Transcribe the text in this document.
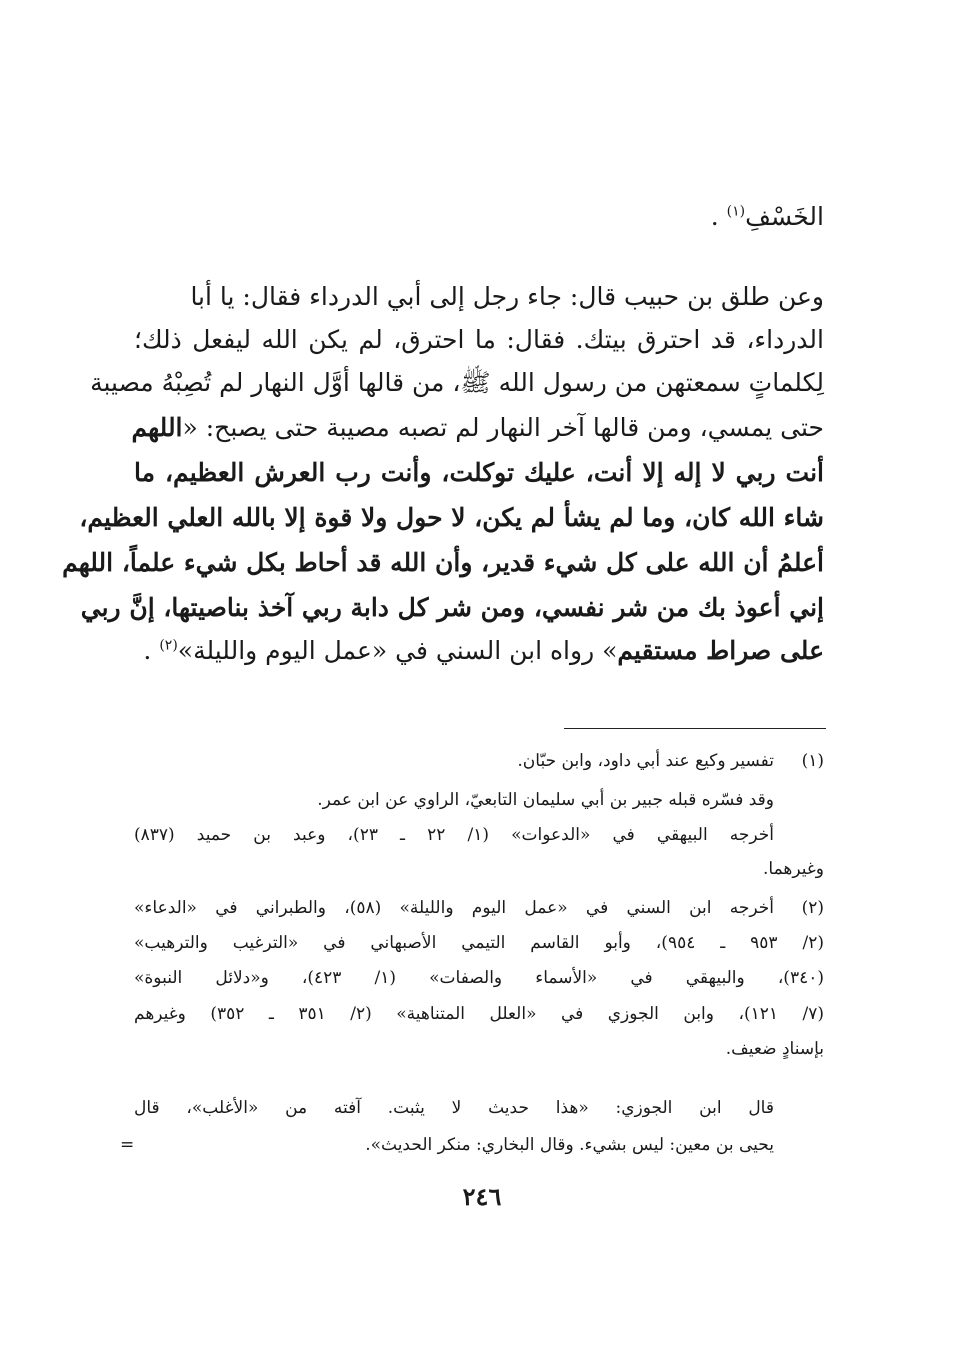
الخَسْفِ$^{(١)}$ .
وعن طلق بن حبيب قال: جاء رجل إلى أبي الدرداء فقال: يا أبا
الدرداء، قد احترق بيتك. فقال: ما احترق، لم يكن الله ليفعل ذلك؛
لِكلماتٍ سمعتهن من رسول الله ﷺ، من قالها أوَّل النهار لم تُصِبْهُ مصيبة
حتى يمسي، ومن قالها آخر النهار لم تصبه مصيبة حتى يصبح: «اللهم
أنت ربي لا إله إلا أنت، عليك توكلت، وأنت رب العرش العظيم، ما
شاء الله كان، وما لم يشأ لم يكن، لا حول ولا قوة إلا بالله العلي العظيم،
أعلمُ أن الله على كل شيء قدير، وأن الله قد أحاط بكل شيء علماً، اللهم
إني أعوذ بك من شر نفسي، ومن شر كل دابة ربي آخذ بناصيتها، إنَّ ربي
على صراط مستقيم» رواه ابن السني في «عمل اليوم والليلة»$^{(٢)}$ .
(١)
تفسير وكيع عند أبي داود، وابن حبّان.
وقد فسّره قبله جبير بن أبي سليمان التابعيّ، الراوي عن ابن عمر.
أخرجه البيهقي في «الدعوات» (١/ ٢٢ ـ ٢٣)، وعبد بن حميد (٨٣٧)
وغيرهما.
(٢)
أخرجه ابن السني في «عمل اليوم والليلة» (٥٨)، والطبراني في «الدعاء»
(٢/ ٩٥٣ ـ ٩٥٤)، وأبو القاسم التيمي الأصبهاني في «الترغيب والترهيب»
(٣٤٠)، والبيهقي في «الأسماء والصفات» (١/ ٤٢٣)، و«دلائل النبوة»
(٧/ ١٢١)، وابن الجوزي في «العلل المتناهية» (٢/ ٣٥١ ـ ٣٥٢) وغيرهم
بإسنادٍ ضعيف.
قال ابن الجوزي: «هذا حديث لا يثبت. آفته من «الأغلب»، قال
يحيى بن معين: ليس بشيء. وقال البخاري: منكر الحديث».
=
٢٤٦
